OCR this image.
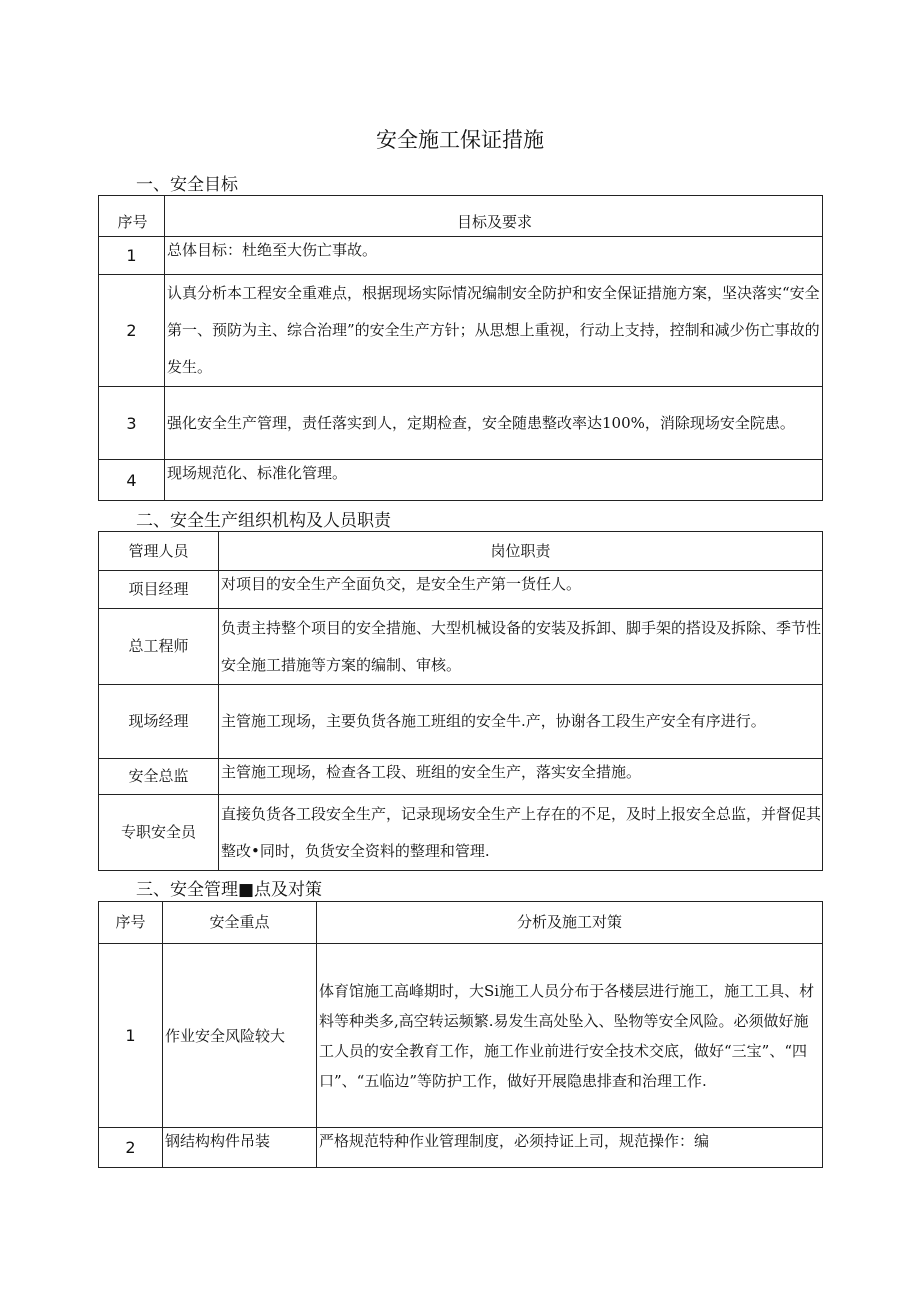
安全施工保证措施
一、安全目标
序号	目标及要求
1	总体目标：杜绝至大伤亡事故。
2	认真分析本工程安全重难点，根据现场实际情况编制安全防护和安全保证措施方案，坚决落实“安全第一、预防为主、综合治理”的安全生产方针；从思想上重视，行动上支持，控制和减少伤亡事故的发生。
3	强化安全生产管理，责任落实到人，定期检查，安全随患整改率达100%，消除现场安全院患。
4	现场规范化、标准化管理。
二、安全生产组织机构及人员职责
管理人员	岗位职责
项目经理	对项目的安全生产全面负交，是安全生产第一货任人。
总工程师	负责主持整个项目的安全措施、大型机械设备的安装及拆卸、脚手架的搭设及拆除、季节性安全施工措施等方案的编制、审核。
现场经理	主管施工现场，主要负货各施工班组的安全牛.产，协谢各工段生产安全有序进行。
安全总监	主管施工现场，检查各工段、班组的安全生产，落实安全措施。
专职安全员	直接负货各工段安全生产，记录现场安全生产上存在的不足，及时上报安全总监，并督促其整改•同时，负货安全资料的整理和管理.
三、安全管理■点及对策
序号	安全重点	分析及施工对策
1	作业安全风险较大	体育馆施工高峰期时，大Si施工人员分布于各楼层进行施工，施工工具、材料等种类多,高空转运频繁.易发生高处坠入、坠物等安全风险。必须做好施工人员的安全教育工作，施工作业前进行安全技术交底，做好“三宝”、“四口”、“五临边”等防护工作，做好开展隐患排查和治理工作.
2	钢结构构件吊装	严格规范特种作业管理制度，必须持证上司，规范操作：编
